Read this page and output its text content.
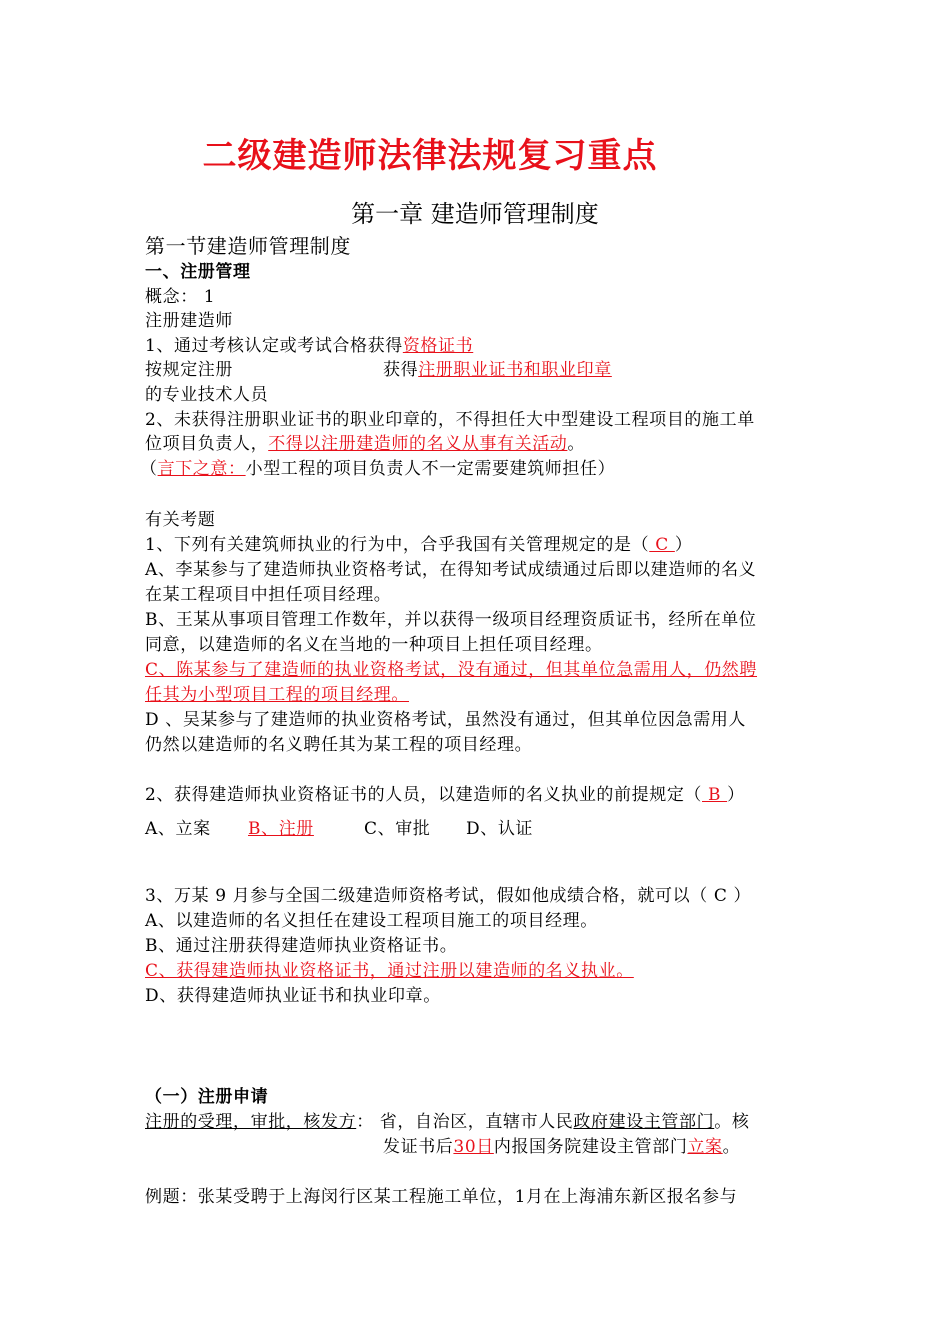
二级建造师法律法规复习重点
第一章 建造师管理制度
第一节建造师管理制度
一、注册管理
概念： 1
注册建造师
1、通过考核认定或考试合格获得资格证书
按规定注册	获得注册职业证书和职业印章
的专业技术人员
2、未获得注册职业证书的职业印章的，不得担任大中型建设工程项目的施工单
位项目负责人，不得以注册建造师的名义从事有关活动。
（言下之意：小型工程的项目负责人不一定需要建筑师担任）
有关考题
1、下列有关建筑师执业的行为中，合乎我国有关管理规定的是（ C ）
A、李某参与了建造师执业资格考试，在得知考试成绩通过后即以建造师的名义
在某工程项目中担任项目经理。
B、王某从事项目管理工作数年，并以获得一级项目经理资质证书，经所在单位
同意，以建造师的名义在当地的一种项目上担任项目经理。
C、陈某参与了建造师的执业资格考试，没有通过，但其单位急需用人，仍然聘
任其为小型项目工程的项目经理。
D 、吴某参与了建造师的执业资格考试，虽然没有通过，但其单位因急需用人
仍然以建造师的名义聘任其为某工程的项目经理。
2、获得建造师执业资格证书的人员，以建造师的名义执业的前提规定（ B ）
A、立案 B、注册	C、审批 D、认证
3、万某 9 月参与全国二级建造师资格考试，假如他成绩合格，就可以（ C ）
A、以建造师的名义担任在建设工程项目施工的项目经理。
B、通过注册获得建造师执业资格证书。
C、获得建造师执业资格证书，通过注册以建造师的名义执业。
D、获得建造师执业证书和执业印章。
（一）注册申请
注册的受理，审批，核发方： 省，自治区，直辖市人民政府建设主管部门。核
发证书后30日内报国务院建设主管部门立案。
例题：张某受聘于上海闵行区某工程施工单位，1月在上海浦东新区报名参与
